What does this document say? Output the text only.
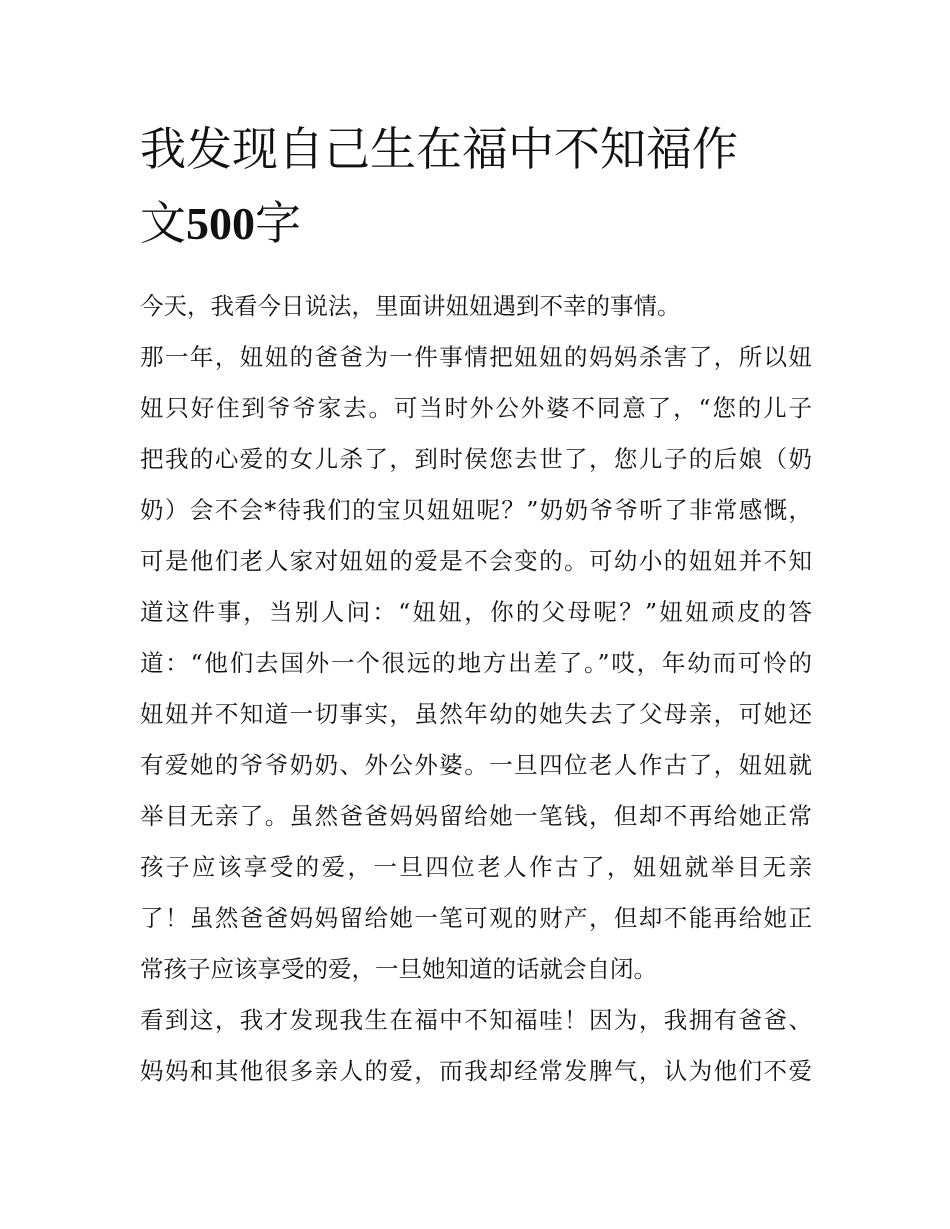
我发现自己生在福中不知福作
文500字

今天，我看今日说法，里面讲妞妞遇到不幸的事情。

那一年，妞妞的爸爸为一件事情把妞妞的妈妈杀害了，所以妞
妞只好住到爷爷家去。可当时外公外婆不同意了，“您的儿子
把我的心爱的女儿杀了，到时侯您去世了，您儿子的后娘（奶
奶）会不会*待我们的宝贝妞妞呢？”奶奶爷爷听了非常感慨，
可是他们老人家对妞妞的爱是不会变的。可幼小的妞妞并不知
道这件事，当别人问：“妞妞，你的父母呢？”妞妞顽皮的答
道：“他们去国外一个很远的地方出差了。”哎，年幼而可怜的
妞妞并不知道一切事实，虽然年幼的她失去了父母亲，可她还
有爱她的爷爷奶奶、外公外婆。一旦四位老人作古了，妞妞就
举目无亲了。虽然爸爸妈妈留给她一笔钱，但却不再给她正常
孩子应该享受的爱，一旦四位老人作古了，妞妞就举目无亲
了！虽然爸爸妈妈留给她一笔可观的财产，但却不能再给她正
常孩子应该享受的爱，一旦她知道的话就会自闭。

看到这，我才发现我生在福中不知福哇！因为，我拥有爸爸、
妈妈和其他很多亲人的爱，而我却经常发脾气，认为他们不爱
